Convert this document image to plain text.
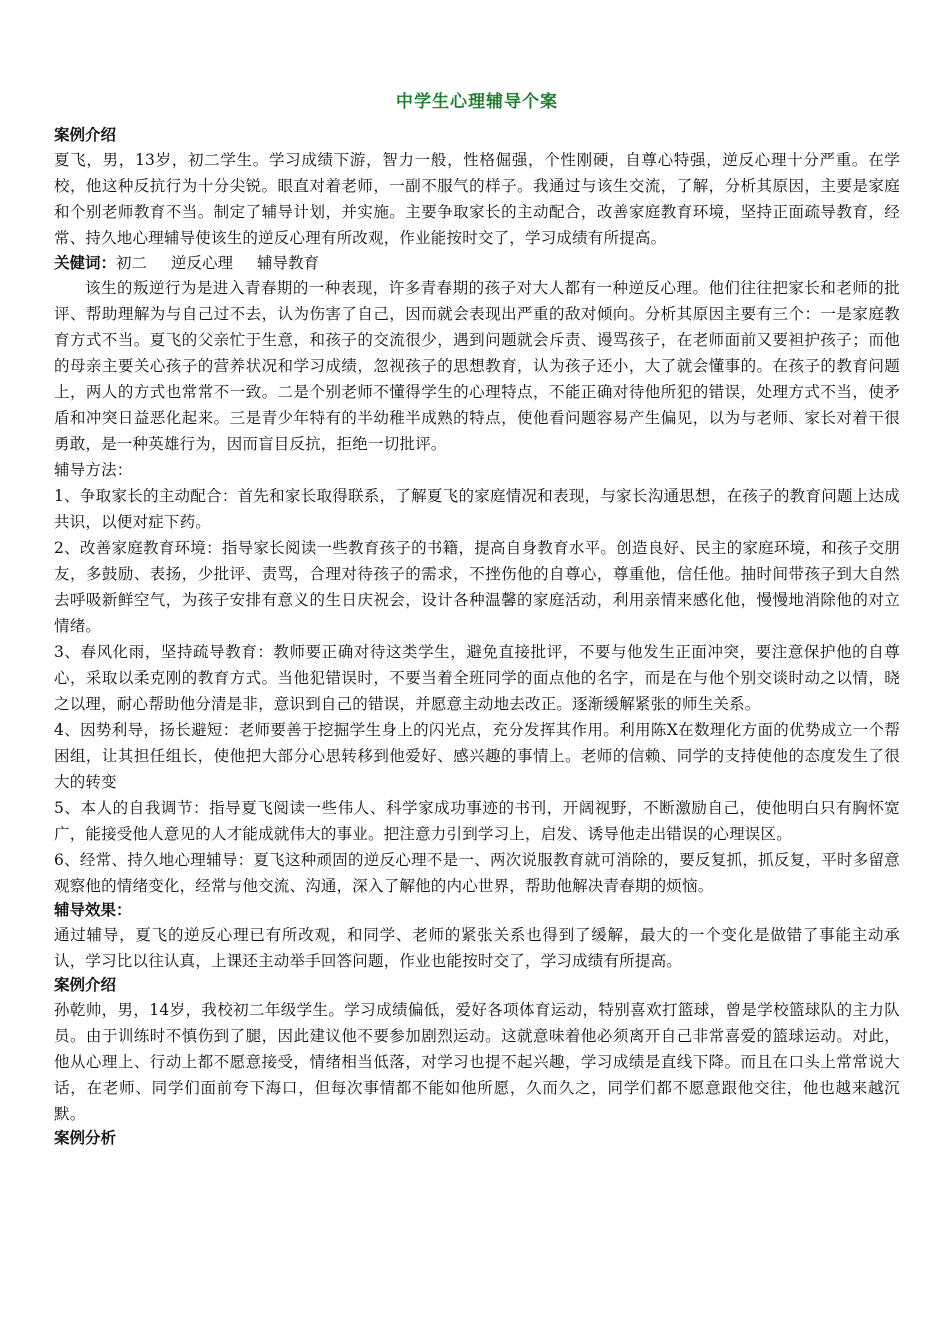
中学生心理辅导个案
案例介绍

夏飞，男，13岁，初二学生。学习成绩下游，智力一般，性格倔强，个性刚硬，自尊心特强，逆反心理十分严重。在学校，他这种反抗行为十分尖锐。眼直对着老师，一副不服气的样子。我通过与该生交流，了解，分析其原因，主要是家庭和个别老师教育不当。制定了辅导计划，并实施。主要争取家长的主动配合，改善家庭教育环境，坚持正面疏导教育，经常、持久地心理辅导使该生的逆反心理有所改观，作业能按时交了，学习成绩有所提高。

关健词：初二 逆反心理 辅导教育

该生的叛逆行为是进入青春期的一种表现，许多青春期的孩子对大人都有一种逆反心理。他们往往把家长和老师的批评、帮助理解为与自己过不去，认为伤害了自己，因而就会表现出严重的敌对倾向。分析其原因主要有三个：一是家庭教育方式不当。夏飞的父亲忙于生意，和孩子的交流很少，遇到问题就会斥责、谩骂孩子，在老师面前又要袒护孩子；而他的母亲主要关心孩子的营养状况和学习成绩，忽视孩子的思想教育，认为孩子还小，大了就会懂事的。在孩子的教育问题上，两人的方式也常常不一致。二是个别老师不懂得学生的心理特点，不能正确对待他所犯的错误，处理方式不当，使矛盾和冲突日益恶化起来。三是青少年特有的半幼稚半成熟的特点，使他看问题容易产生偏见，以为与老师、家长对着干很勇敢，是一种英雄行为，因而盲目反抗，拒绝一切批评。

辅导方法：

1、争取家长的主动配合：首先和家长取得联系，了解夏飞的家庭情况和表现，与家长沟通思想，在孩子的教育问题上达成共识，以便对症下药。

2、改善家庭教育环境：指导家长阅读一些教育孩子的书籍，提高自身教育水平。创造良好、民主的家庭环境，和孩子交朋友，多鼓励、表扬，少批评、责骂，合理对待孩子的需求，不挫伤他的自尊心，尊重他，信任他。抽时间带孩子到大自然去呼吸新鲜空气，为孩子安排有意义的生日庆祝会，设计各种温馨的家庭活动，利用亲情来感化他，慢慢地消除他的对立情绪。

3、春风化雨，坚持疏导教育：教师要正确对待这类学生，避免直接批评，不要与他发生正面冲突，要注意保护他的自尊心，采取以柔克刚的教育方式。当他犯错误时，不要当着全班同学的面点他的名字，而是在与他个别交谈时动之以情，晓之以理，耐心帮助他分清是非，意识到自己的错误，并愿意主动地去改正。逐渐缓解紧张的师生关系。

4、因势利导，扬长避短：老师要善于挖掘学生身上的闪光点，充分发挥其作用。利用陈X在数理化方面的优势成立一个帮困组，让其担任组长，使他把大部分心思转移到他爱好、感兴趣的事情上。老师的信赖、同学的支持使他的态度发生了很大的转变

5、本人的自我调节：指导夏飞阅读一些伟人、科学家成功事迹的书刊，开阔视野，不断激励自己，使他明白只有胸怀宽广，能接受他人意见的人才能成就伟大的事业。把注意力引到学习上，启发、诱导他走出错误的心理误区。

6、经常、持久地心理辅导：夏飞这种顽固的逆反心理不是一、两次说服教育就可消除的，要反复抓，抓反复，平时多留意观察他的情绪变化，经常与他交流、沟通，深入了解他的内心世界，帮助他解决青春期的烦恼。

辅导效果：

通过辅导，夏飞的逆反心理已有所改观，和同学、老师的紧张关系也得到了缓解，最大的一个变化是做错了事能主动承认，学习比以往认真，上课还主动举手回答问题，作业也能按时交了，学习成绩有所提高。

案例介绍

孙乾帅，男，14岁，我校初二年级学生。学习成绩偏低，爱好各项体育运动，特别喜欢打篮球，曾是学校篮球队的主力队员。由于训练时不慎伤到了腿，因此建议他不要参加剧烈运动。这就意味着他必须离开自己非常喜爱的篮球运动。对此，他从心理上、行动上都不愿意接受，情绪相当低落，对学习也提不起兴趣，学习成绩是直线下降。而且在口头上常常说大话，在老师、同学们面前夸下海口，但每次事情都不能如他所愿，久而久之，同学们都不愿意跟他交往，他也越来越沉默。

案例分析
